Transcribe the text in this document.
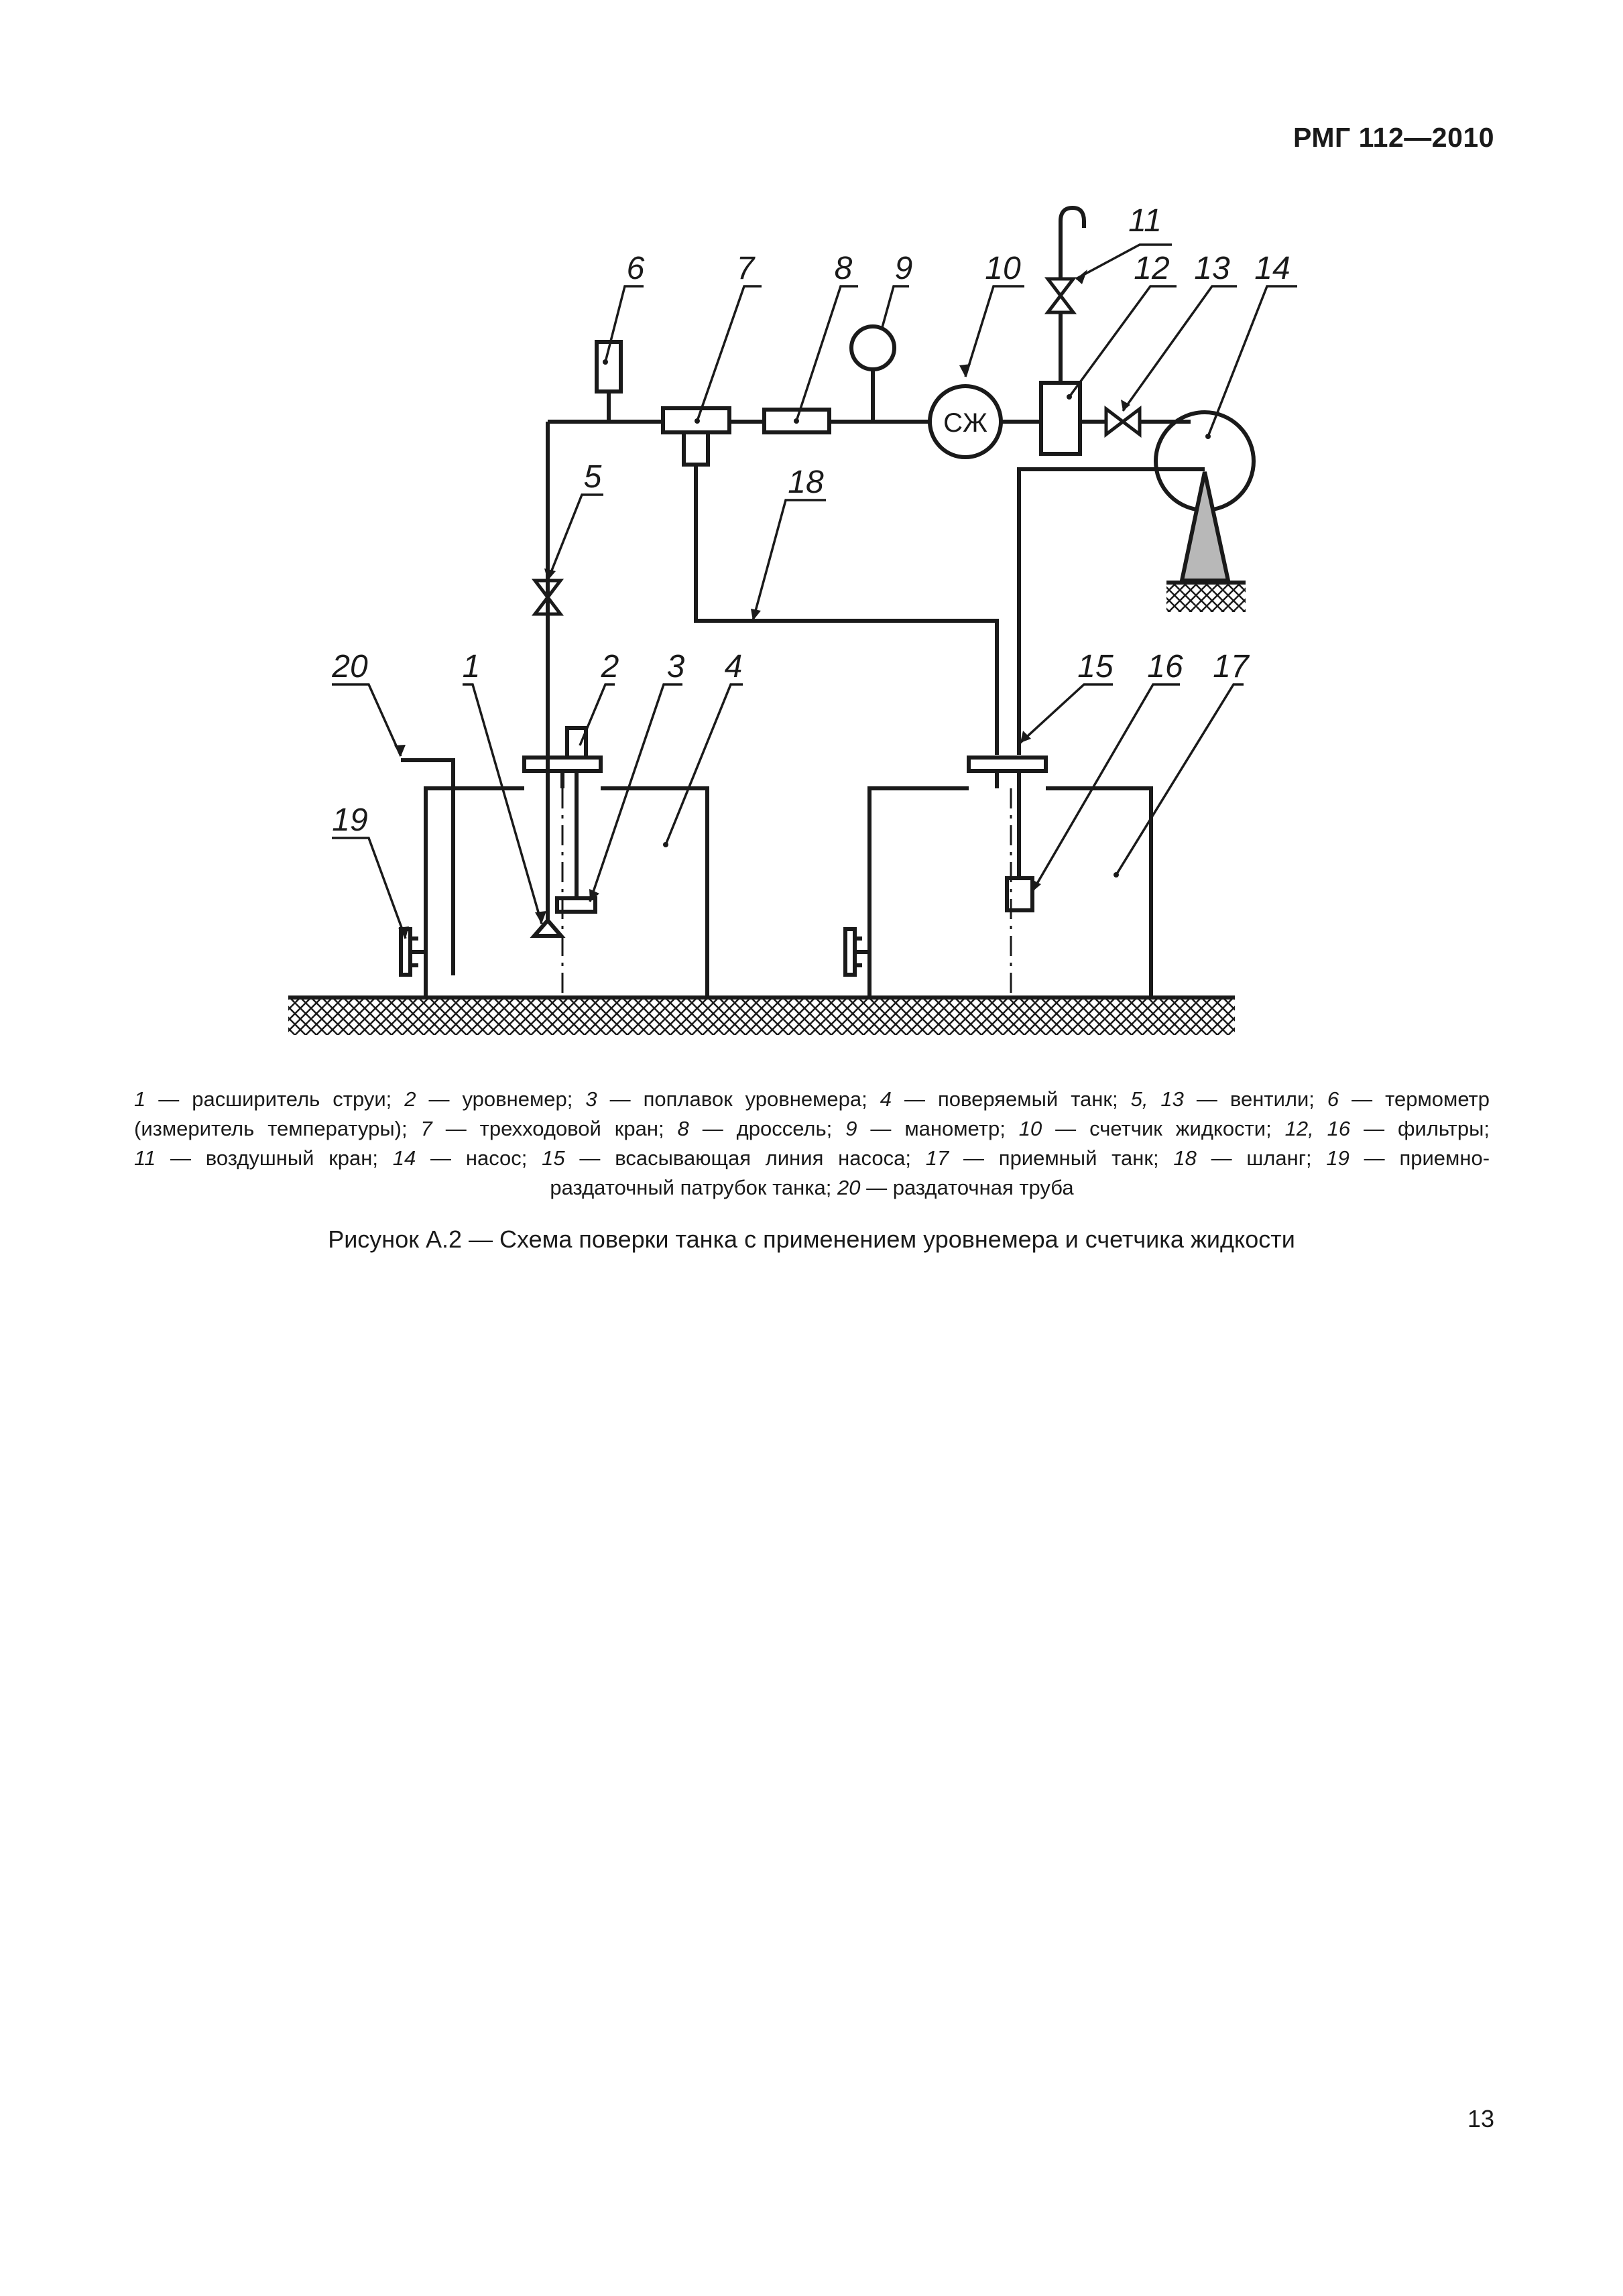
РМГ 112—2010
СЖ
6	7 8 9 10
11
12 13 14
5	18
20	1	2 3 4
19
15 16 17
1 — расширитель струи; 2 — уровнемер; 3 — поплавок уровнемера; 4 — поверяемый танк; 5, 13 — вентили; 6 — термометр
(измеритель температуры); 7 — трехходовой кран; 8 — дроссель; 9 — манометр; 10 — счетчик жидкости; 12, 16 — фильтры;
11 — воздушный кран; 14 — насос; 15 — всасывающая линия насоса; 17 — приемный танк; 18 — шланг; 19 — приемно-
раздаточный патрубок танка; 20 — раздаточная труба
Рисунок А.2 — Схема поверки танка с применением уровнемера и счетчика жидкости
13
